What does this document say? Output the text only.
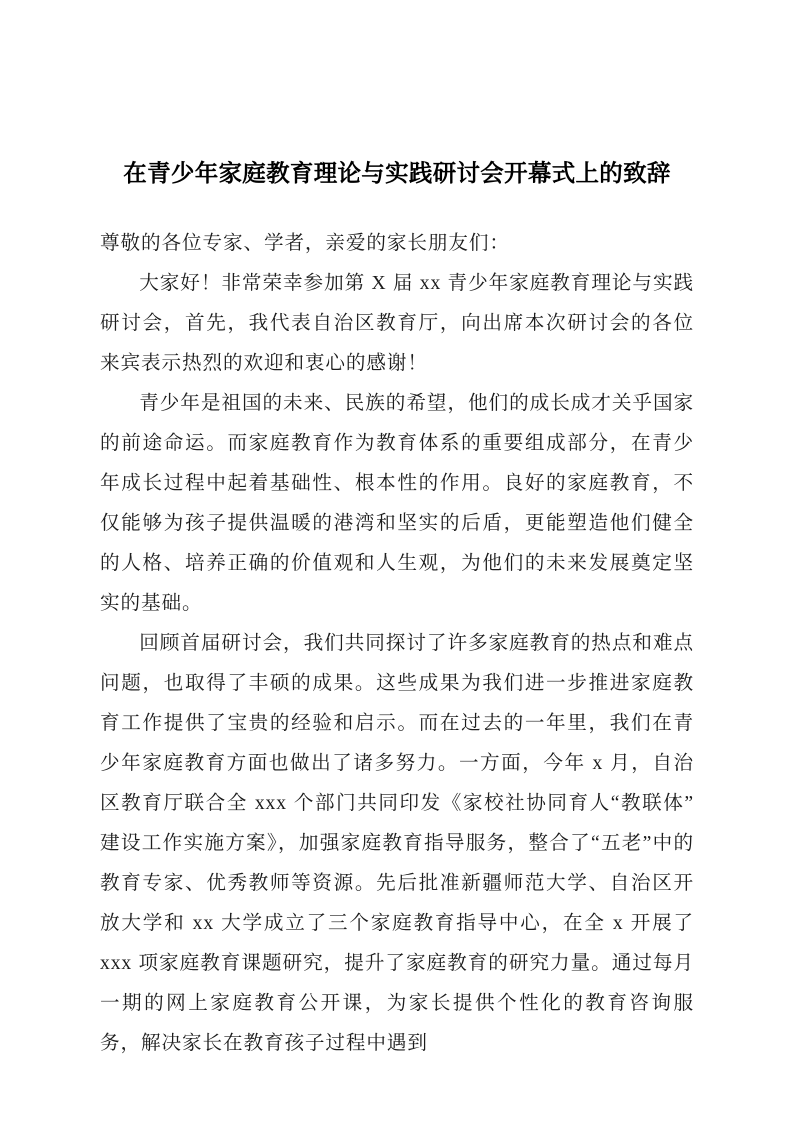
在青少年家庭教育理论与实践研讨会开幕式上的致辞

尊敬的各位专家、学者，亲爱的家长朋友们：

大家好！非常荣幸参加第 X 届 xx 青少年家庭教育理论与实践研讨会，首先，我代表自治区教育厅，向出席本次研讨会的各位来宾表示热烈的欢迎和衷心的感谢！

青少年是祖国的未来、民族的希望，他们的成长成才关乎国家的前途命运。而家庭教育作为教育体系的重要组成部分，在青少年成长过程中起着基础性、根本性的作用。良好的家庭教育，不仅能够为孩子提供温暖的港湾和坚实的后盾，更能塑造他们健全的人格、培养正确的价值观和人生观，为他们的未来发展奠定坚实的基础。

回顾首届研讨会，我们共同探讨了许多家庭教育的热点和难点问题，也取得了丰硕的成果。这些成果为我们进一步推进家庭教育工作提供了宝贵的经验和启示。而在过去的一年里，我们在青少年家庭教育方面也做出了诸多努力。一方面，今年 x 月，自治区教育厅联合全 xxx 个部门共同印发《家校社协同育人“教联体”建设工作实施方案》，加强家庭教育指导服务，整合了“五老”中的教育专家、优秀教师等资源。先后批准新疆师范大学、自治区开放大学和 xx 大学成立了三个家庭教育指导中心，在全 x 开展了 xxx 项家庭教育课题研究，提升了家庭教育的研究力量。通过每月一期的网上家庭教育公开课，为家长提供个性化的教育咨询服务，解决家长在教育孩子过程中遇到
